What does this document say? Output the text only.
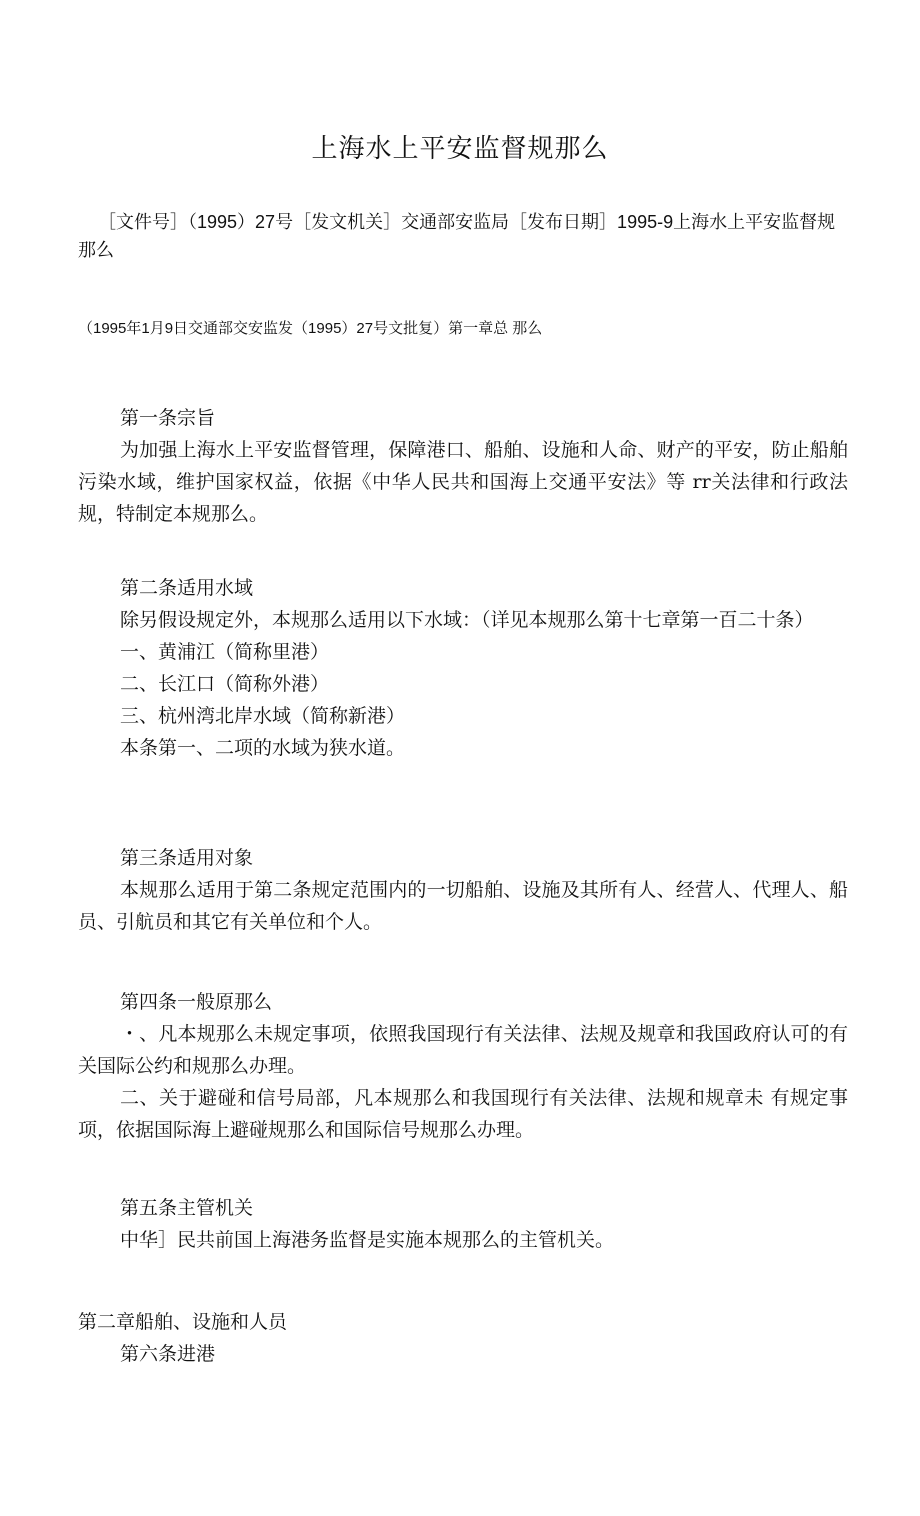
上海水上平安监督规那么
［文件号］（1995）27号［发文机关］交通部安监局［发布日期］1995-9上海水上平安监督规那么
（1995年1月9日交通部交安监发（1995）27号文批复）第一章总 那么

第一条宗旨

为加强上海水上平安监督管理，保障港口、船舶、设施和人命、财产的平安，防止船舶污染水域，维护国家权益，依据《中华人民共和国海上交通平安法》等 rr关法律和行政法规，特制定本规那么。

第二条适用水域

除另假设规定外，本规那么适用以下水域：（详见本规那么第十七章第一百二十条）

一、黄浦江（简称里港）

二、长江口（简称外港）

三、杭州湾北岸水域（简称新港）

本条第一、二项的水域为狭水道。

第三条适用对象

本规那么适用于第二条规定范围内的一切船舶、设施及其所有人、经营人、代理人、船员、引航员和其它有关单位和个人。

第四条一般原那么

・、凡本规那么未规定事项，依照我国现行有关法律、法规及规章和我国政府认可的有关国际公约和规那么办理。

二、关于避碰和信号局部，凡本规那么和我国现行有关法律、法规和规章未 有规定事项，依据国际海上避碰规那么和国际信号规那么办理。

第五条主管机关

中华］民共前国上海港务监督是实施本规那么的主管机关。

第二章船舶、设施和人员
第六条进港
